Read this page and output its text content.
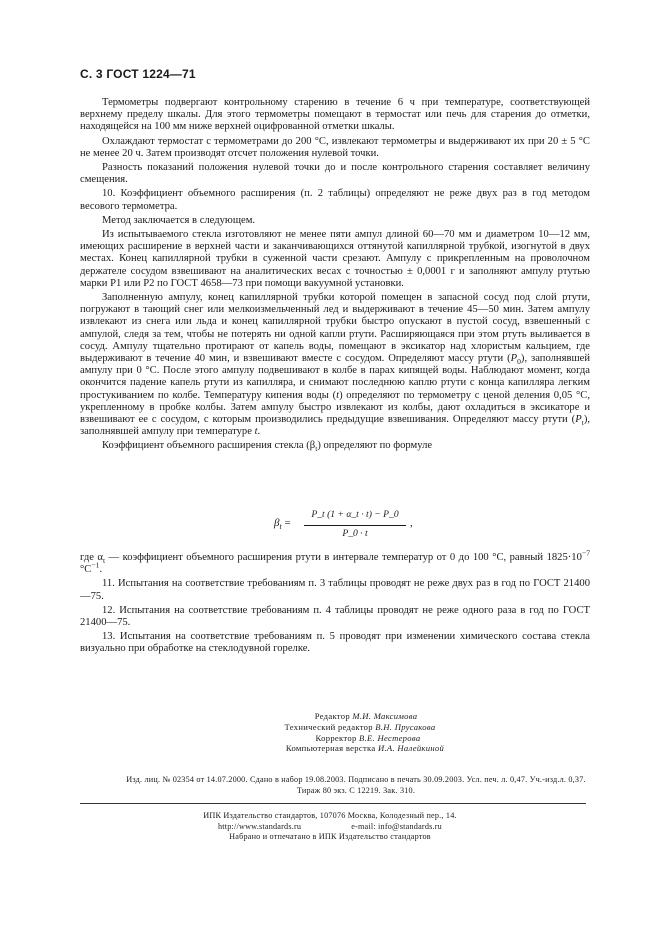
С. 3 ГОСТ 1224—71

Термометры подвергают контрольному старению в течение 6 ч при температуре, соответствующей верхнему пределу шкалы. Для этого термометры помещают в термостат или печь для старения до отметки, находящейся на 100 мм ниже верхней оцифрованной отметки шкалы.

Охлаждают термостат с термометрами до 200 °С, извлекают термометры и выдерживают их при 20 ± 5 °С не менее 20 ч. Затем производят отсчет положения нулевой точки.

Разность показаний положения нулевой точки до и после контрольного старения составляет величину смещения.

10. Коэффициент объемного расширения (п. 2 таблицы) определяют не реже двух раз в год методом весового термометра.

Метод заключается в следующем.

Из испытываемого стекла изготовляют не менее пяти ампул длиной 60—70 мм и диаметром 10—12 мм, имеющих расширение в верхней части и заканчивающихся оттянутой капиллярной трубкой, изогнутой в двух местах. Конец капиллярной трубки в суженной части срезают. Ампулу с прикрепленным на проволочном держателе сосудом взвешивают на аналитических весах с точностью ± 0,0001 г и заполняют ампулу ртутью марки Р1 или Р2 по ГОСТ 4658—73 при помощи вакуумной установки.

Заполненную ампулу, конец капиллярной трубки которой помещен в запасной сосуд под слой ртути, погружают в тающий снег или мелкоизмельченный лед и выдерживают в течение 45—50 мин. Затем ампулу извлекают из снега или льда и конец капиллярной трубки быстро опускают в пустой сосуд, взвешенный с ампулой, следя за тем, чтобы не потерять ни одной капли ртути. Расширяющаяся при этом ртуть выливается в сосуд. Ампулу тщательно протирают от капель воды, помещают в эксикатор над хлористым кальцием, где выдерживают в течение 40 мин, и взвешивают вместе с сосудом. Определяют массу ртути $(P_0)$, заполнявшей ампулу при 0 °С. После этого ампулу подвешивают в колбе в парах кипящей воды. Наблюдают момент, когда окончится падение капель ртути из капилляра, и снимают последнюю каплю ртути с конца капилляра легким простукиванием по колбе. Температуру кипения воды (t) определяют по термометру с ценой деления 0,05 °С, укрепленному в пробке колбы. Затем ампулу быстро извлекают из колбы, дают охладиться в эксикаторе и взвешивают ее с сосудом, с которым производились предыдущие взвешивания. Определяют массу ртути $(P_t)$, заполнявшей ампулу при температуре t.

Коэффициент объемного расширения стекла $(\beta_t)$ определяют по формуле

$\beta_t$ =
P_t (1 + α_t · t) − P_0
P_0 · t
,

где $\alpha_t$ — коэффициент объемного расширения ртути в интервале температур от 0 до 100 °С, равный $1825\cdot 10^{-7}$ $^\circ С^{-1}$.

11. Испытания на соответствие требованиям п. 3 таблицы проводят не реже двух раз в год по ГОСТ 21400—75.

12. Испытания на соответствие требованиям п. 4 таблицы проводят не реже одного раза в год по ГОСТ 21400—75.

13. Испытания на соответствие требованиям п. 5 проводят при изменении химического состава стекла визуально при обработке на стеклодувной горелке.

Редактор М.И. Максимова
Технический редактор В.Н. Прусакова
Корректор В.Е. Нестерова
Компьютерная верстка И.А. Налейкиной
Изд. лиц. № 02354 от 14.07.2000. Сдано в набор 19.08.2003. Подписано в печать 30.09.2003. Усл. печ. л. 0,47. Уч.-изд.л. 0,37.
Тираж 80 экз. С 12219. Зак. 310.
ИПК Издательство стандартов, 107076 Москва, Колодезный пер., 14.
http://www.standards.ru	e-mail: info@standards.ru
Набрано и отпечатано в ИПК Издательство стандартов
